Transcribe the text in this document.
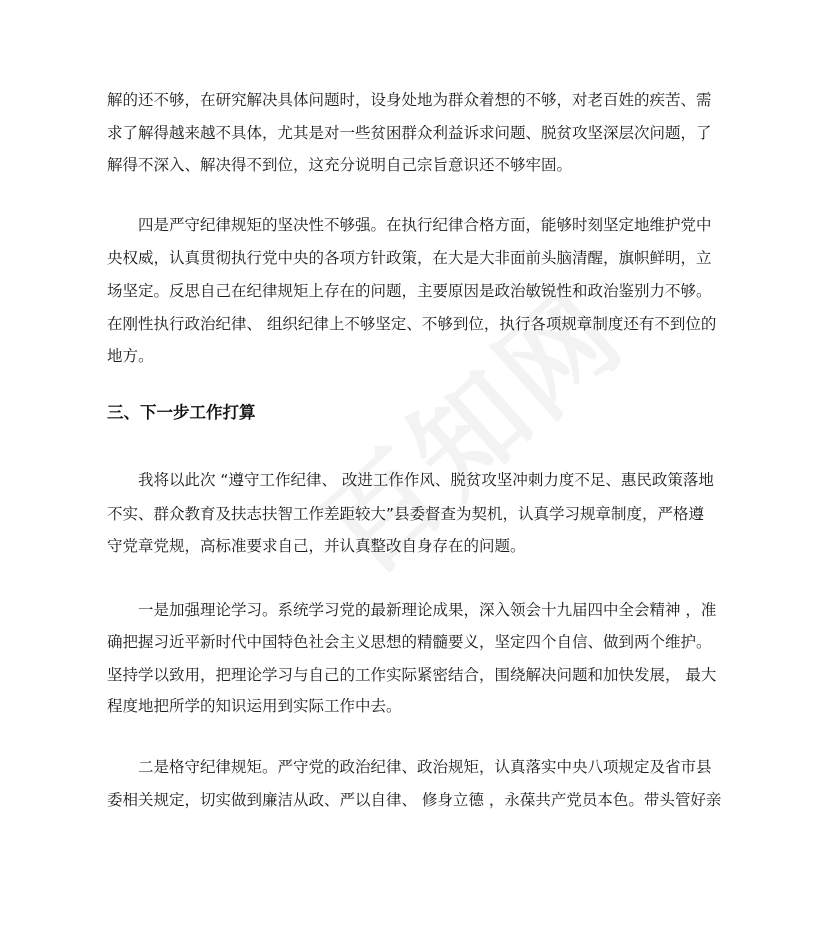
解的还不够，在研究解决具体问题时，设身处地为群众着想的不够，对老百姓的疾苦、需
求了解得越来越不具体，尤其是对一些贫困群众利益诉求问题、脱贫攻坚深层次问题，了
解得不深入、解决得不到位，这充分说明自己宗旨意识还不够牢固。
四是严守纪律规矩的坚决性不够强。在执行纪律合格方面，能够时刻坚定地维护党中
央权威，认真贯彻执行党中央的各项方针政策，在大是大非面前头脑清醒，旗帜鲜明，立
场坚定。反思自己在纪律规矩上存在的问题，主要原因是政治敏锐性和政治鉴别力不够。
在刚性执行政治纪律、 组织纪律上不够坚定、不够到位，执行各项规章制度还有不到位的
地方。
三、下一步工作打算
我将以此次 “遵守工作纪律、 改进工作作风、脱贫攻坚冲刺力度不足、惠民政策落地
不实、群众教育及扶志扶智工作差距较大”县委督查为契机，认真学习规章制度，严格遵
守党章党规，高标准要求自己，并认真整改自身存在的问题。
一是加强理论学习。系统学习党的最新理论成果，深入领会十九届四中全会精神 ，准
确把握习近平新时代中国特色社会主义思想的精髓要义，坚定四个自信、做到两个维护。
坚持学以致用，把理论学习与自己的工作实际紧密结合，围绕解决问题和加快发展， 最大
程度地把所学的知识运用到实际工作中去。
二是格守纪律规矩。严守党的政治纪律、政治规矩，认真落实中央八项规定及省市县
委相关规定，切实做到廉洁从政、严以自律、 修身立德 ，永葆共产党员本色。带头管好亲
